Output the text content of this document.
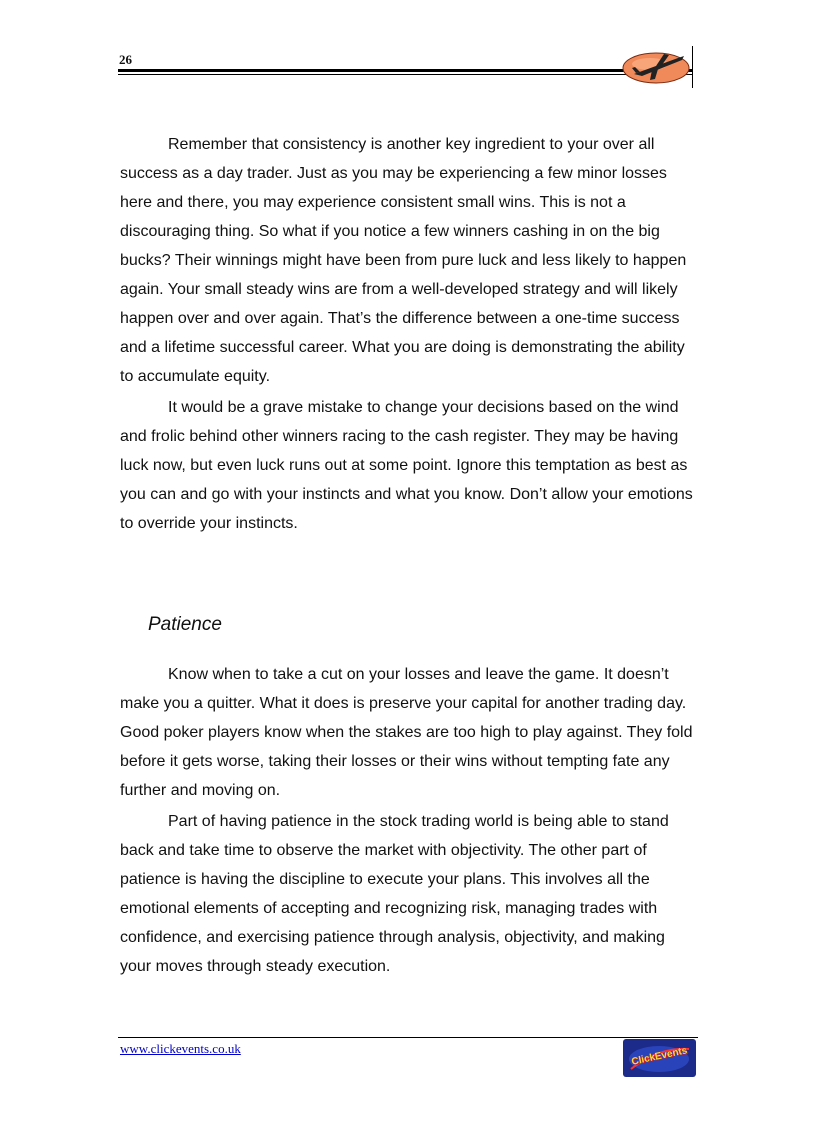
26

Remember that consistency is another key ingredient to your over all success as a day trader. Just as you may be experiencing a few minor losses here and there, you may experience consistent small wins. This is not a discouraging thing. So what if you notice a few winners cashing in on the big bucks? Their winnings might have been from pure luck and less likely to happen again. Your small steady wins are from a well-developed strategy and will likely happen over and over again. That’s the difference between a one-time success and a lifetime successful career. What you are doing is demonstrating the ability to accumulate equity.

It would be a grave mistake to change your decisions based on the wind and frolic behind other winners racing to the cash register. They may be having luck now, but even luck runs out at some point. Ignore this temptation as best as you can and go with your instincts and what you know. Don’t allow your emotions to override your instincts.

Patience

Know when to take a cut on your losses and leave the game. It doesn’t make you a quitter. What it does is preserve your capital for another trading day. Good poker players know when the stakes are too high to play against. They fold before it gets worse, taking their losses or their wins without tempting fate any further and moving on.

Part of having patience in the stock trading world is being able to stand back and take time to observe the market with objectivity. The other part of patience is having the discipline to execute your plans. This involves all the emotional elements of accepting and recognizing risk, managing trades with confidence, and exercising patience through analysis, objectivity, and making your moves through steady execution.

www.clickevents.co.uk	ClickEvents
